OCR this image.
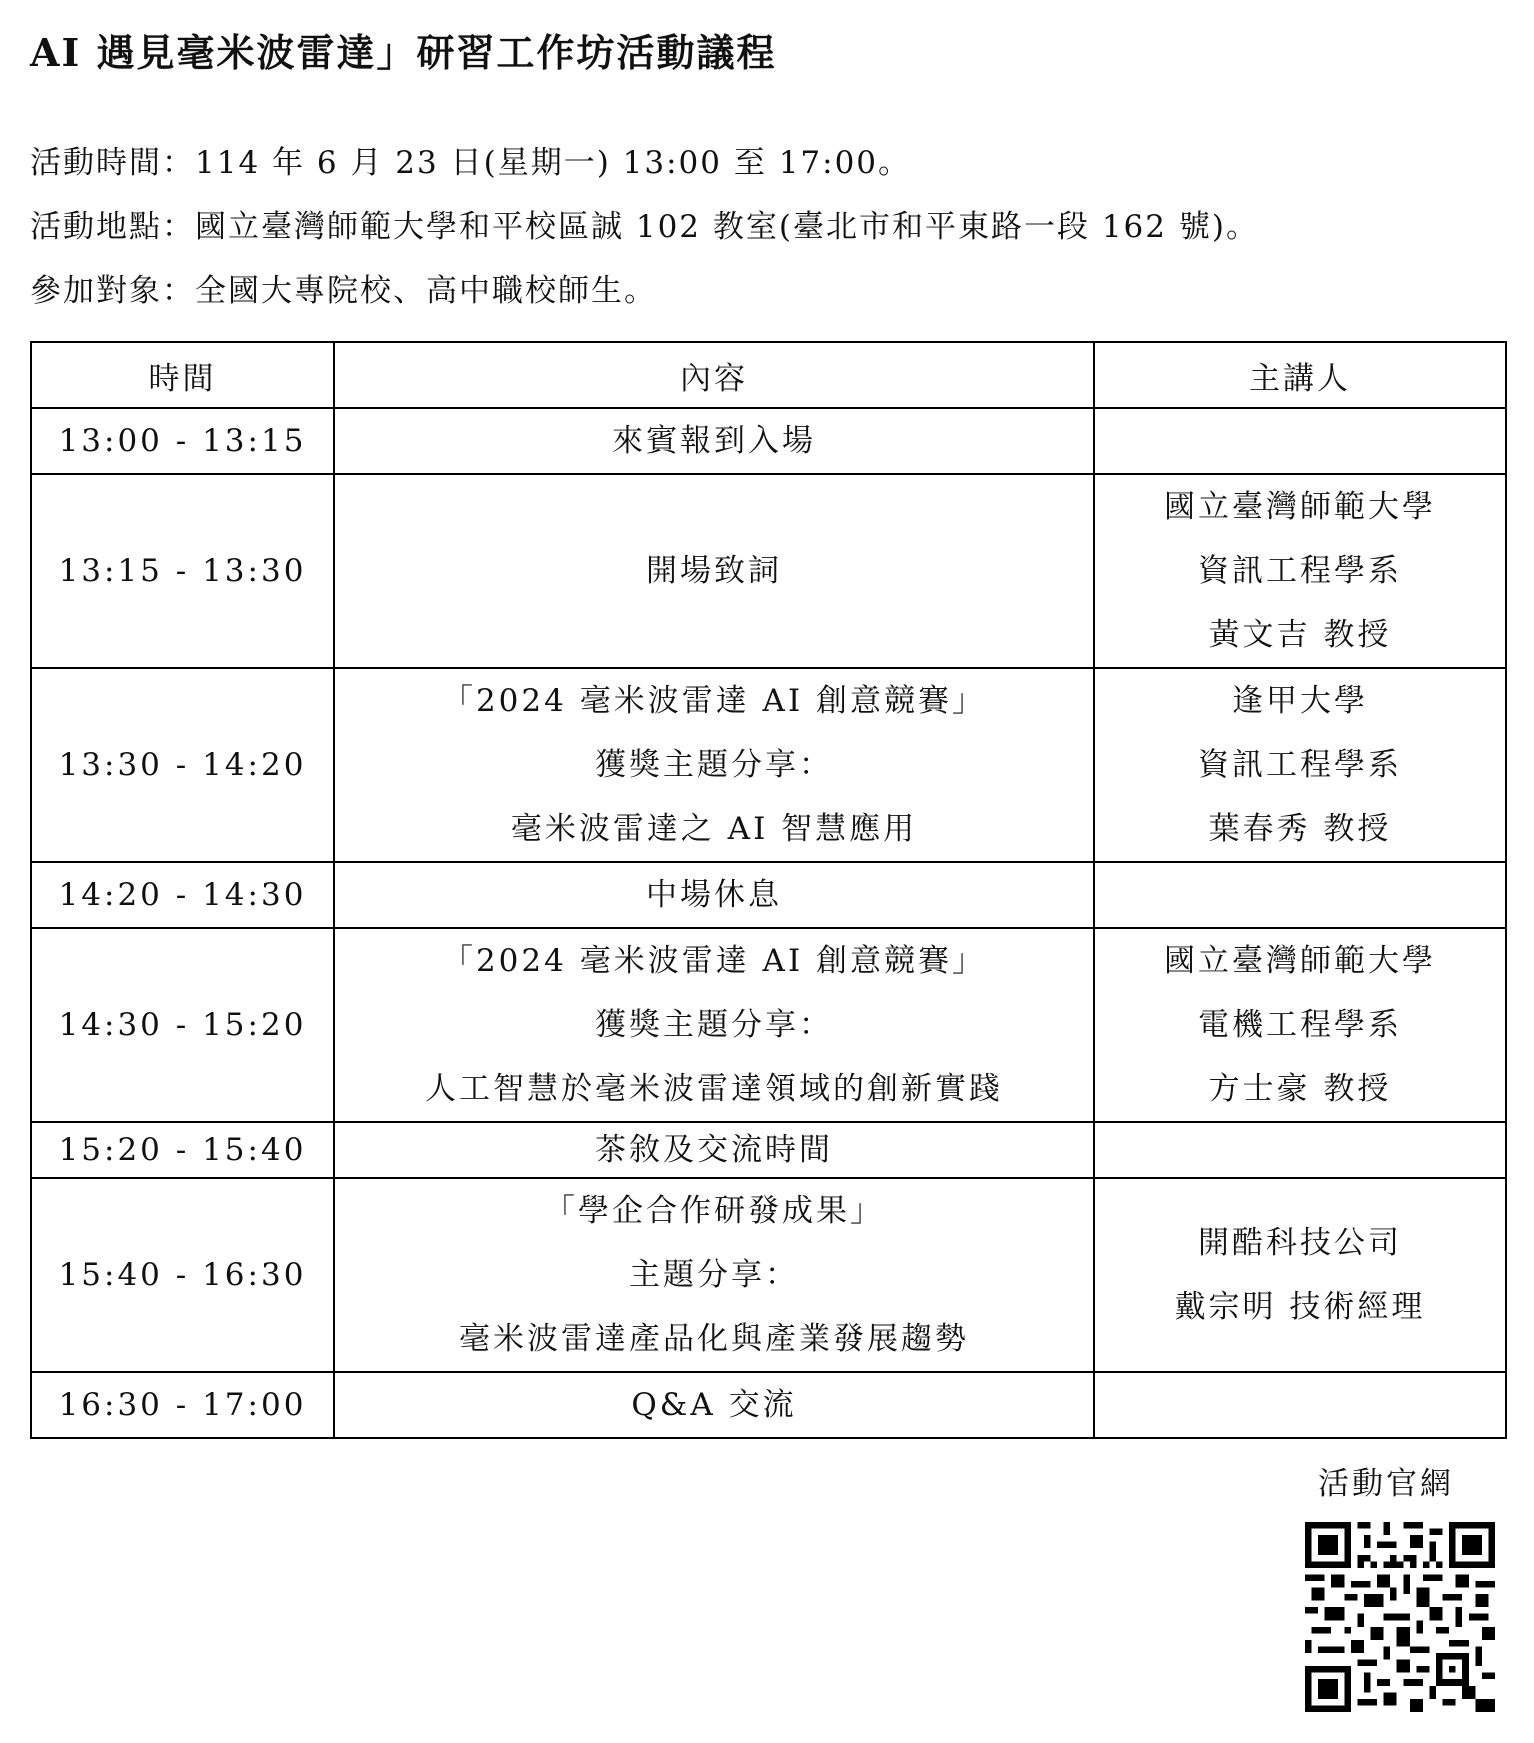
AI 遇見毫米波雷達」研習工作坊活動議程
活動時間：114 年 6 月 23 日(星期一) 13:00 至 17:00。
活動地點：國立臺灣師範大學和平校區誠 102 教室(臺北市和平東路一段 162 號)。
參加對象：全國大專院校、高中職校師生。
時間	內容	主講人
13:00 - 13:15	來賓報到入場	

13:15 - 13:30	開場致詞	國立臺灣師範大學
資訊工程學系
黃文吉 教授

13:30 - 14:20	「2024 毫米波雷達 AI 創意競賽」
獲獎主題分享：
毫米波雷達之 AI 智慧應用	逢甲大學
資訊工程學系
葉春秀 教授

14:20 - 14:30	中場休息	

14:30 - 15:20	「2024 毫米波雷達 AI 創意競賽」
獲獎主題分享：
人工智慧於毫米波雷達領域的創新實踐	國立臺灣師範大學
電機工程學系
方士豪 教授

15:20 - 15:40	茶敘及交流時間	

15:40 - 16:30	「學企合作研發成果」
主題分享：
毫米波雷達產品化與產業發展趨勢	開酷科技公司
戴宗明 技術經理

16:30 - 17:00	Q&A 交流	

活動官網
